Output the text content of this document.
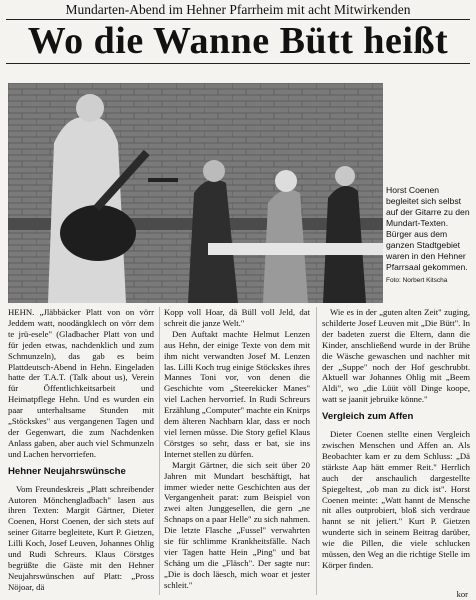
Mundarten-Abend im Hehner Pfarrheim mit acht Mitwirkenden
Wo die Wanne Bütt heißt
Horst Coenen begleitet sich selbst auf der Gitarre zu den Mundart-Texten. Bürger aus dem ganzen Stadtgebiet waren in den Hehner Pfarrsaal gekommen.
Foto: Norbert Kitscha

HEHN. „Jläbbäcker Platt von on vörr Jeddem watt, noodängklech on vörr dem te jrü-esele" (Gladbacher Platt von und für jeden etwas, nachdenklich und zum Schmunzeln), das gab es beim Plattdeutsch-Abend in Hehn. Eingeladen hatte der T.A.T. (Talk about us), Verein für Öffentlichkeitsarbeit und Heimatpflege Hehn. Und es wurden ein paar unterhaltsame Stunden mit „Stöckskes" aus vergangenen Tagen und der Gegenwart, die zum Nachdenken Anlass gaben, aber auch viel Schmunzeln und Lachen hervorriefen.

Hehner Neujahrswünsche

Vom Freundeskreis „Platt schreibender Autoren Mönchengladbach" lasen aus ihren Texten: Margit Gärtner, Dieter Coenen, Horst Coenen, der sich stets auf seiner Gitarre begleitete, Kurt P. Gietzen, Lilli Koch, Josef Leuven, Johannes Ohlig und Rudi Schreurs. Klaus Cörstges begrüßte die Gäste mit den Hehner Neujahrswünschen auf Platt: „Pross Nöjoar, dä

Kopp voll Hoar, dä Büll voll Jeld, dat schreit die janze Welt."

Den Auftakt machte Helmut Lenzen aus Hehn, der einige Texte von dem mit ihm nicht verwandten Josef M. Lenzen las. Lilli Koch trug einige Stöckskes ihres Mannes Toni vor, von denen die Geschichte vom „Steerekicker Manes" viel Lachen hervorrief. In Rudi Schreurs Erzählung „Computer" machte ein Knirps dem älteren Nachbarn klar, dass er noch viel lernen müsse. Die Story gefiel Klaus Cörstges so sehr, dass er bat, sie ins Internet stellen zu dürfen.

Margit Gärtner, die sich seit über 20 Jahren mit Mundart beschäftigt, hat immer wieder nette Geschichten aus der Vergangenheit parat: zum Beispiel von zwei alten Junggesellen, die gern „ne Schnaps on a paar Helle" zu sich nahmen. Die letzte Flasche „Fussel" verwahrten sie für schlimme Krankheitsfälle. Nach vier Tagen hatte Hein „Ping" und bat Schäng um die „Fläsch". Der sagte nur: „Die is doch läesch, mich woar et jester schleit."

Wie es in der „guten alten Zeit" zuging, schilderte Josef Leuven mit „Die Bütt". In der badeten zuerst die Eltern, dann die Kinder, anschließend wurde in der Brühe die Wäsche gewaschen und nachher mit der „Suppe" noch der Hof geschrubbt. Aktuell war Johannes Ohlig mit „Beem Aldi", wo „die Lüüt völl Dinge koope, watt se jaanit jebruike könne."

Vergleich zum Affen

Dieter Coenen stellte einen Vergleich zwischen Menschen und Affen an. Als Beobachter kam er zu dem Schluss: „Dä stärkste Aap hätt emmer Reit." Herrlich auch der anschaulich dargestellte Spiegeltest, „ob man zu dick ist". Horst Coenen meinte: „Watt hannt de Mensche nit alles outprobiert, bloß sich verdraue hannt se nit jeliert." Kurt P. Gietzen wunderte sich in seinem Beitrag darüber, wie die Pillen, die viele schlucken müssen, den Weg an die richtige Stelle im Körper finden.

kor
